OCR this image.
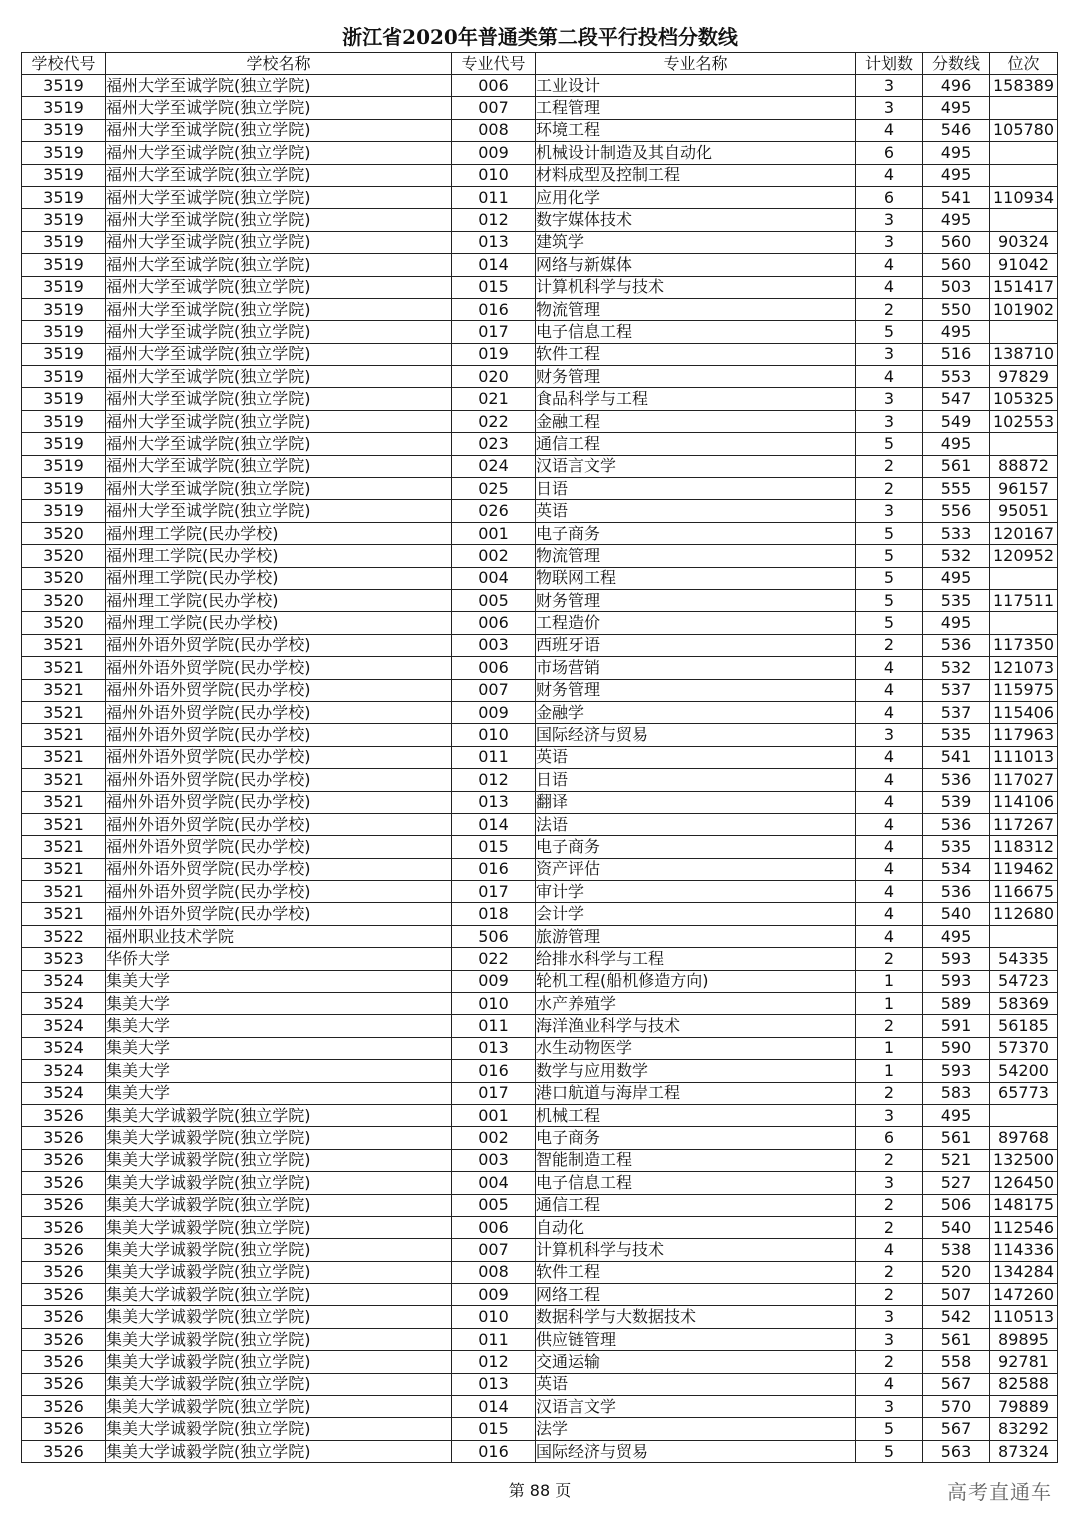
浙江省2020年普通类第二段平行投档分数线
学校代号	学校名称	专业代号	专业名称	计划数	分数线	位次
3519	福州大学至诚学院(独立学院)	006	工业设计	3	496	158389
3519	福州大学至诚学院(独立学院)	007	工程管理	3	495	
3519	福州大学至诚学院(独立学院)	008	环境工程	4	546	105780
3519	福州大学至诚学院(独立学院)	009	机械设计制造及其自动化	6	495	
3519	福州大学至诚学院(独立学院)	010	材料成型及控制工程	4	495	
3519	福州大学至诚学院(独立学院)	011	应用化学	6	541	110934
3519	福州大学至诚学院(独立学院)	012	数字媒体技术	3	495	
3519	福州大学至诚学院(独立学院)	013	建筑学	3	560	90324
3519	福州大学至诚学院(独立学院)	014	网络与新媒体	4	560	91042
3519	福州大学至诚学院(独立学院)	015	计算机科学与技术	4	503	151417
3519	福州大学至诚学院(独立学院)	016	物流管理	2	550	101902
3519	福州大学至诚学院(独立学院)	017	电子信息工程	5	495	
3519	福州大学至诚学院(独立学院)	019	软件工程	3	516	138710
3519	福州大学至诚学院(独立学院)	020	财务管理	4	553	97829
3519	福州大学至诚学院(独立学院)	021	食品科学与工程	3	547	105325
3519	福州大学至诚学院(独立学院)	022	金融工程	3	549	102553
3519	福州大学至诚学院(独立学院)	023	通信工程	5	495	
3519	福州大学至诚学院(独立学院)	024	汉语言文学	2	561	88872
3519	福州大学至诚学院(独立学院)	025	日语	2	555	96157
3519	福州大学至诚学院(独立学院)	026	英语	3	556	95051
3520	福州理工学院(民办学校)	001	电子商务	5	533	120167
3520	福州理工学院(民办学校)	002	物流管理	5	532	120952
3520	福州理工学院(民办学校)	004	物联网工程	5	495	
3520	福州理工学院(民办学校)	005	财务管理	5	535	117511
3520	福州理工学院(民办学校)	006	工程造价	5	495	
3521	福州外语外贸学院(民办学校)	003	西班牙语	2	536	117350
3521	福州外语外贸学院(民办学校)	006	市场营销	4	532	121073
3521	福州外语外贸学院(民办学校)	007	财务管理	4	537	115975
3521	福州外语外贸学院(民办学校)	009	金融学	4	537	115406
3521	福州外语外贸学院(民办学校)	010	国际经济与贸易	3	535	117963
3521	福州外语外贸学院(民办学校)	011	英语	4	541	111013
3521	福州外语外贸学院(民办学校)	012	日语	4	536	117027
3521	福州外语外贸学院(民办学校)	013	翻译	4	539	114106
3521	福州外语外贸学院(民办学校)	014	法语	4	536	117267
3521	福州外语外贸学院(民办学校)	015	电子商务	4	535	118312
3521	福州外语外贸学院(民办学校)	016	资产评估	4	534	119462
3521	福州外语外贸学院(民办学校)	017	审计学	4	536	116675
3521	福州外语外贸学院(民办学校)	018	会计学	4	540	112680
3522	福州职业技术学院	506	旅游管理	4	495	
3523	华侨大学	022	给排水科学与工程	2	593	54335
3524	集美大学	009	轮机工程(船机修造方向)	1	593	54723
3524	集美大学	010	水产养殖学	1	589	58369
3524	集美大学	011	海洋渔业科学与技术	2	591	56185
3524	集美大学	013	水生动物医学	1	590	57370
3524	集美大学	016	数学与应用数学	1	593	54200
3524	集美大学	017	港口航道与海岸工程	2	583	65773
3526	集美大学诚毅学院(独立学院)	001	机械工程	3	495	
3526	集美大学诚毅学院(独立学院)	002	电子商务	6	561	89768
3526	集美大学诚毅学院(独立学院)	003	智能制造工程	2	521	132500
3526	集美大学诚毅学院(独立学院)	004	电子信息工程	3	527	126450
3526	集美大学诚毅学院(独立学院)	005	通信工程	2	506	148175
3526	集美大学诚毅学院(独立学院)	006	自动化	2	540	112546
3526	集美大学诚毅学院(独立学院)	007	计算机科学与技术	4	538	114336
3526	集美大学诚毅学院(独立学院)	008	软件工程	2	520	134284
3526	集美大学诚毅学院(独立学院)	009	网络工程	2	507	147260
3526	集美大学诚毅学院(独立学院)	010	数据科学与大数据技术	3	542	110513
3526	集美大学诚毅学院(独立学院)	011	供应链管理	3	561	89895
3526	集美大学诚毅学院(独立学院)	012	交通运输	2	558	92781
3526	集美大学诚毅学院(独立学院)	013	英语	4	567	82588
3526	集美大学诚毅学院(独立学院)	014	汉语言文学	3	570	79889
3526	集美大学诚毅学院(独立学院)	015	法学	5	567	83292
3526	集美大学诚毅学院(独立学院)	016	国际经济与贸易	5	563	87324
第 88 页	高考直通车
